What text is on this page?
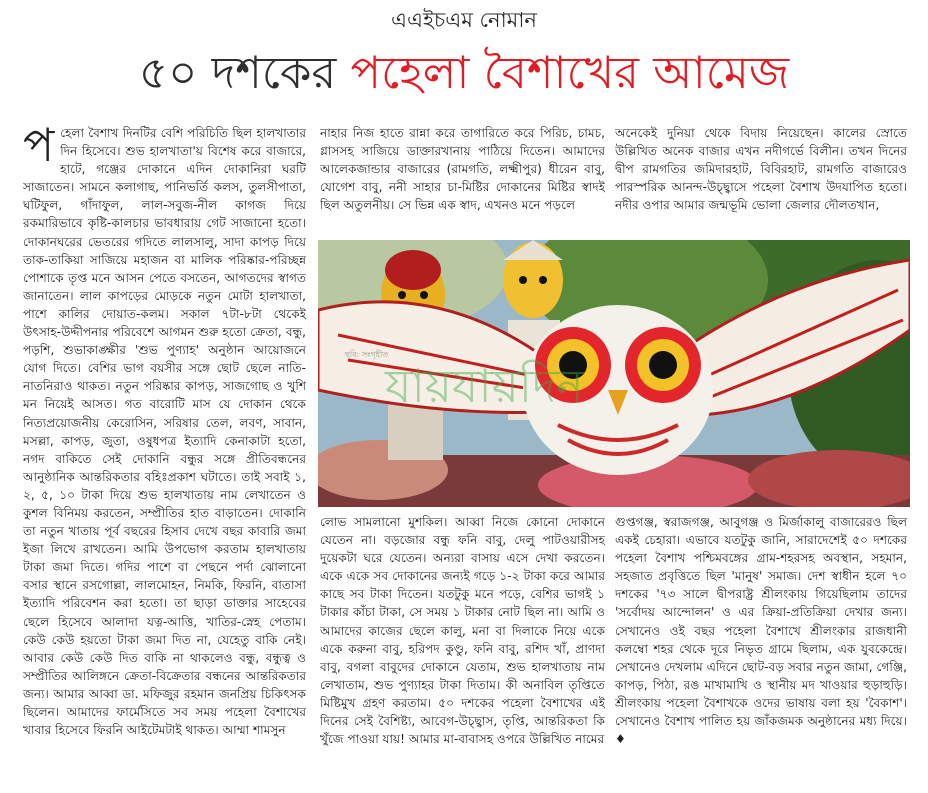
এএইচএম নোমান
৫০ দশকের পহেলা বৈশাখের আমেজ
প হেলা বৈশাখ দিনটির বেশি পরিচিতি ছিল হালখাতার দিন হিসেবে। শুভ হালখাতা'য় বিশেষ করে বাজারে, হাটে, গঞ্জের দোকানে এদিন দোকানিরা ঘরটি সাজাতেন। সামনে কলাগাছ, পানিভর্তি কলস, তুলসীপাতা, ঘটিফুল, গাঁদাফুল, লাল-সবুজ-নীল কাগজ দিয়ে রকমারিভাবে কৃষ্টি-কালচার ভাবধারায় গেট সাজানো হতো। দোকানঘরের ভেতরের গদিতে লালসালু, সাদা কাপড় দিয়ে তাক-তাকিয়া সাজিয়ে মহাজন বা মালিক পরিষ্কার-পরিচ্ছন্ন পোশাকে তৃপ্ত মনে আসন পেতে বসতেন, আগতদের স্বাগত জানাতেন। লাল কাপড়ের মোড়কে নতুন মোটা হালখাতা, পাশে কালির দোয়াত-কলম। সকাল ৭টা-৮টা থেকেই উৎসাহ-উদ্দীপনার পরিবেশে আগমন শুরু হতো ক্রেতা, বন্ধু, পড়শি, শুভাকাঙ্ক্ষীর 'শুভ পুণ্যাহ' অনুষ্ঠান আয়োজনে যোগ দিতে। বেশির ভাগ বয়সীর সঙ্গে ছোট ছেলে নাতি-নাতনিরাও থাকত। নতুন পরিষ্কার কাপড়, সাজগোছ ও খুশি মন নিয়েই আসত। গত বারোটি মাস যে দোকান থেকে নিত্যপ্রয়োজনীয় কেরোসিন, সরিষার তেল, লবণ, সাবান, মসল্লা, কাপড়, জুতা, ওষুধপত্র ইত্যাদি কেনাকাটা হতো, নগদ বাকিতে সেই দোকানি বন্ধুর সঙ্গে প্রীতিবন্ধনের আনুষ্ঠানিক আন্তরিকতার বহিঃপ্রকাশ ঘটাতে। তাই সবাই ১, ২, ৫, ১০ টাকা দিয়ে শুভ হালখাতায় নাম লেখাতেন ও কুশল বিনিময় করতেন, সম্প্রীতির হাত বাড়াতেন। দোকানি তা নতুন খাতায় পূর্ব বছরের হিসাব দেখে বছর কাবারি জমা ইজা লিখে রাখতেন। আমি উপভোগ করতাম হালখাতায় টাকা জমা দিতে। গদির পাশে বা পেছনে পর্দা ঝোলানো বসার স্থানে রসগোল্লা, লালমোহন, নিমকি, ফিরনি, বাতাসা ইত্যাদি পরিবেশন করা হতো। তা ছাড়া ডাক্তার সাহেবের ছেলে হিসেবে আলাদা যত্ন-আত্তি, খাতির-স্নেহ পেতাম। কেউ কেউ হয়তো টাকা জমা দিত না, যেহেতু বাকি নেই। আবার কেউ কেউ দিত বাকি না থাকলেও বন্ধু, বন্ধুত্ব ও সম্প্রীতির আলিঙ্গনে ক্রেতা-বিক্রেতার বন্ধনের আন্তরিকতার জন্য। আমার আব্বা ডা. মফিজুর রহমান জনপ্রিয় চিকিৎসক ছিলেন। আমাদের ফার্মেসিতে সব সময় পহেলা বৈশাখের খাবার হিসেবে ফিরনি আইটেমটাই থাকত। আম্মা শামসুন
নাহার নিজ হাতে রান্না করে তাগারিতে করে পিরিচ, চামচ, গ্লাসসহ সাজিয়ে ডাক্তারখানায় পাঠিয়ে দিতেন। আমাদের আলেকজান্ডার বাজারের (রামগতি, লক্ষ্মীপুর) ধীরেন বাবু, যোগেশ বাবু, ননী সাহার চা-মিষ্টির দোকানের মিষ্টির স্বাদই ছিল অতুলনীয়। সে ভিন্ন এক স্বাদ, এখনও মনে পড়লে
অনেকেই দুনিয়া থেকে বিদায় নিয়েছেন। কালের স্রোতে উল্লিখিত অনেক বাজার এখন নদীগর্ভে বিলীন। তখন দিনের দ্বীপ রামগতির জমিদারহাট, বিবিরহাট, রামগতি বাজারেও পারস্পরিক আনন্দ-উচ্ছ্বাসে পহেলা বৈশাখ উদযাপিত হতো। নদীর ওপার আমার জন্মভূমি ভোলা জেলার দৌলতখান,
ছবি: সংগৃহীত
যায়যায়দিন
লোভ সামলানো মুশকিল। আব্বা নিজে কোনো দোকানে যেতেন না। বড়জোর বন্ধু ফনি বাবু, দেলু পাটওয়ারীসহ দুয়েকটা ঘরে যেতেন। অন্যরা বাসায় এসে দেখা করতেন। একে একে সব দোকানের জন্যই গড়ে ১-২ টাকা করে আমার কাছে সব টাকা দিতেন। যতটুকু মনে পড়ে, বেশির ভাগই ১ টাকার কাঁচা টাকা, সে সময় ১ টাকার নোট ছিল না। আমি ও আমাদের কাজের ছেলে কালু, মনা বা দিলাকে নিয়ে একে একে করুনা বাবু, হরিপদ কুণ্ডু, ফনি বাবু, রশিদ খাঁ, প্রাণদা বাবু, বগলা বাবুদের দোকানে যেতাম, শুভ হালখাতায় নাম লেখাতাম, শুভ পুণ্যাহর টাকা দিতাম। কী অনাবিল তৃপ্তিতে মিষ্টিমুখ গ্রহণ করতাম। ৫০ দশকের পহেলা বৈশাখের এই দিনের সেই বৈশিষ্ট্য, আবেগ-উচ্ছ্বাস, তৃপ্তি, আন্তরিকতা কি খুঁজে পাওয়া যায়! আমার মা-বাবাসহ ওপরে উল্লিখিত নামের
গুপ্তগঞ্জ, স্বরাজগঞ্জ, আবুগঞ্জ ও মির্জাকালু বাজারেরও ছিল একই চেহারা। এভাবে যতটুকু জানি, সারাদেশেই ৫০ দশকের পহেলা বৈশাখ পশ্চিমবঙ্গের গ্রাম-শহরসহ অবস্থান, সহমান, সহজাত প্রবৃত্তিতে ছিল 'মানুষ' সমাজ। দেশ স্বাধীন হলে ৭০ দশকের '৭৩ সালে দ্বীপরাষ্ট্র শ্রীলংকায় গিয়েছিলাম তাদের 'সর্বোদয় আন্দোলন' ও এর ক্রিয়া-প্রতিক্রিয়া দেখার জন্য। সেখানেও ওই বছর পহেলা বৈশাখে শ্রীলংকার রাজধানী কলম্বো শহর থেকে দূরে নিভৃত গ্রামে ছিলাম, এক যুবকেন্দ্রে। সেখানেও দেখলাম এদিনে ছোট-বড় সবার নতুন জামা, গেঞ্জি, কাপড়, পিঠা, রঙ মাখামাখি ও স্থানীয় মদ খাওয়ার হুড়াহুড়ি। শ্রীলংকায় পহেলা বৈশাখকে ওদের ভাষায় বলা হয় 'বৈকাশ'। সেখানেও বৈশাখ পালিত হয় জাঁকজমক অনুষ্ঠানের মধ্য দিয়ে। ♦
